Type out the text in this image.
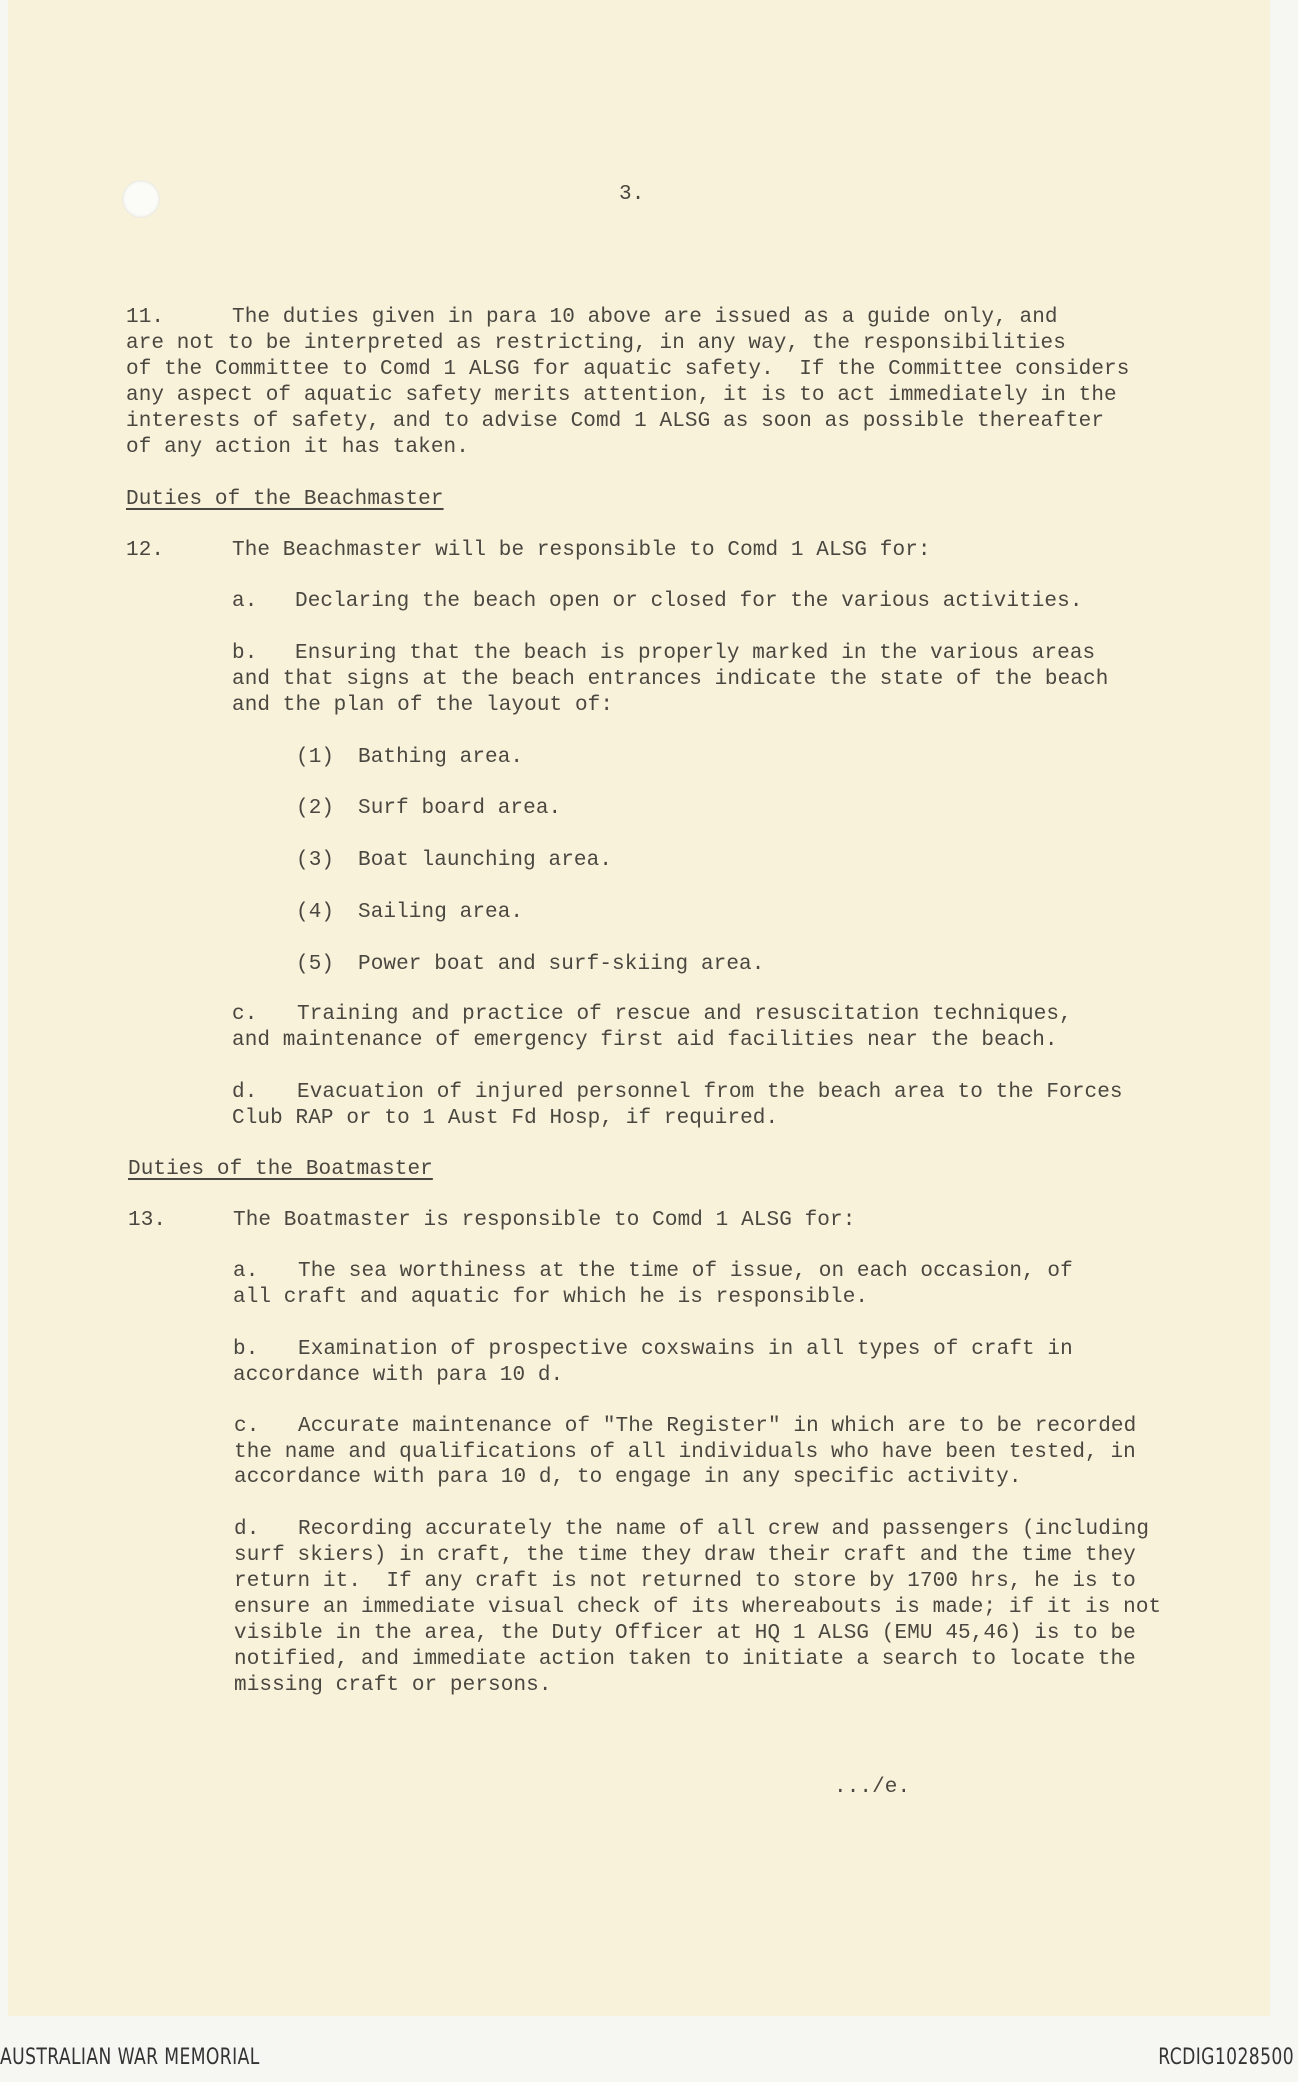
3.
11.	The duties given in para 10 above are issued as a guide only, and
are not to be interpreted as restricting, in any way, the responsibilities
of the Committee to Comd 1 ALSG for aquatic safety.  If the Committee considers
any aspect of aquatic safety merits attention, it is to act immediately in the
interests of safety, and to advise Comd 1 ALSG as soon as possible thereafter
of any action it has taken.
Duties of the Beachmaster
12.	The Beachmaster will be responsible to Comd 1 ALSG for:
a. Declaring the beach open or closed for the various activities.
b. Ensuring that the beach is properly marked in the various areas
and that signs at the beach entrances indicate the state of the beach
and the plan of the layout of:
(1) Bathing area.
(2) Surf board area.
(3) Boat launching area.
(4) Sailing area.
(5) Power boat and surf-skiing area.
c. Training and practice of rescue and resuscitation techniques,
and maintenance of emergency first aid facilities near the beach.
d. Evacuation of injured personnel from the beach area to the Forces
Club RAP or to 1 Aust Fd Hosp, if required.
Duties of the Boatmaster
13.	The Boatmaster is responsible to Comd 1 ALSG for:
a. The sea worthiness at the time of issue, on each occasion, of
all craft and aquatic for which he is responsible.
b. Examination of prospective coxswains in all types of craft in
accordance with para 10 d.
c. Accurate maintenance of "The Register" in which are to be recorded
the name and qualifications of all individuals who have been tested, in
accordance with para 10 d, to engage in any specific activity.
d. Recording accurately the name of all crew and passengers (including
surf skiers) in craft, the time they draw their craft and the time they
return it.  If any craft is not returned to store by 1700 hrs, he is to
ensure an immediate visual check of its whereabouts is made; if it is not
visible in the area, the Duty Officer at HQ 1 ALSG (EMU 45,46) is to be
notified, and immediate action taken to initiate a search to locate the
missing craft or persons.
.../e.
AUSTRALIAN WAR MEMORIAL	RCDIG1028500
